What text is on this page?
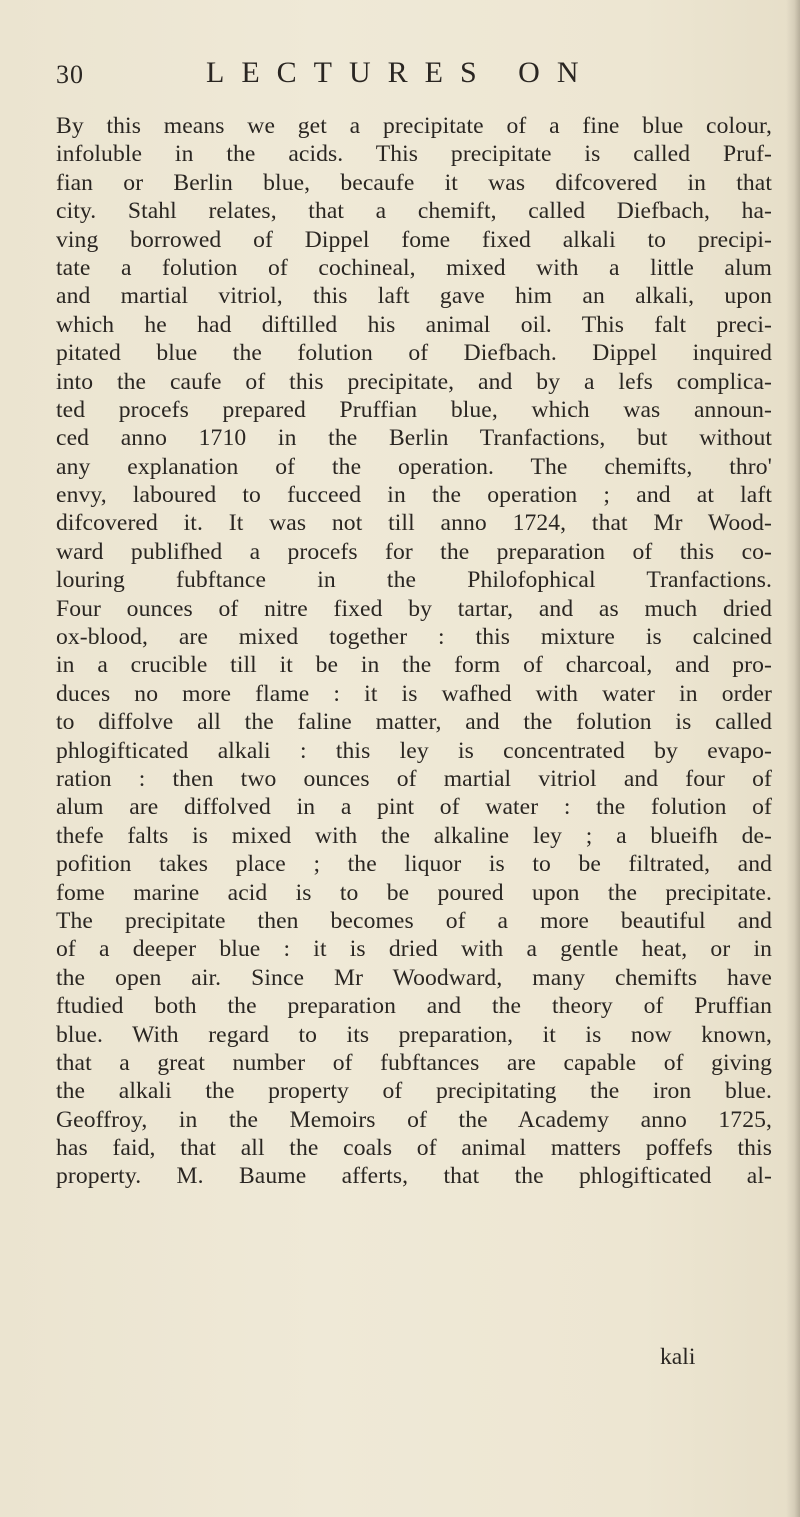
30	LECTURES ON
By this means we get a precipitate of a fine blue colour,
infoluble in the acids. This precipitate is called Pruf-
fian or Berlin blue, becaufe it was difcovered in that
city. Stahl relates, that a chemift, called Diefbach, ha-
ving borrowed of Dippel fome fixed alkali to precipi-
tate a folution of cochineal, mixed with a little alum
and martial vitriol, this laft gave him an alkali, upon
which he had diftilled his animal oil. This falt preci-
pitated blue the folution of Diefbach. Dippel inquired
into the caufe of this precipitate, and by a lefs complica-
ted procefs prepared Pruffian blue, which was announ-
ced anno 1710 in the Berlin Tranfactions, but without
any explanation of the operation. The chemifts, thro'
envy, laboured to fucceed in the operation ; and at laft
difcovered it. It was not till anno 1724, that Mr Wood-
ward publifhed a procefs for the preparation of this co-
louring fubftance in the Philofophical Tranfactions.
Four ounces of nitre fixed by tartar, and as much dried
ox-blood, are mixed together : this mixture is calcined
in a crucible till it be in the form of charcoal, and pro-
duces no more flame : it is wafhed with water in order
to diffolve all the faline matter, and the folution is called
phlogifticated alkali : this ley is concentrated by evapo-
ration : then two ounces of martial vitriol and four of
alum are diffolved in a pint of water : the folution of
thefe falts is mixed with the alkaline ley ; a blueifh de-
pofition takes place ; the liquor is to be filtrated, and
fome marine acid is to be poured upon the precipitate.
The precipitate then becomes of a more beautiful and
of a deeper blue : it is dried with a gentle heat, or in
the open air. Since Mr Woodward, many chemifts have
ftudied both the preparation and the theory of Pruffian
blue. With regard to its preparation, it is now known,
that a great number of fubftances are capable of giving
the alkali the property of precipitating the iron blue.
Geoffroy, in the Memoirs of the Academy anno 1725,
has faid, that all the coals of animal matters poffefs this
property. M. Baume afferts, that the phlogifticated al-
kali
